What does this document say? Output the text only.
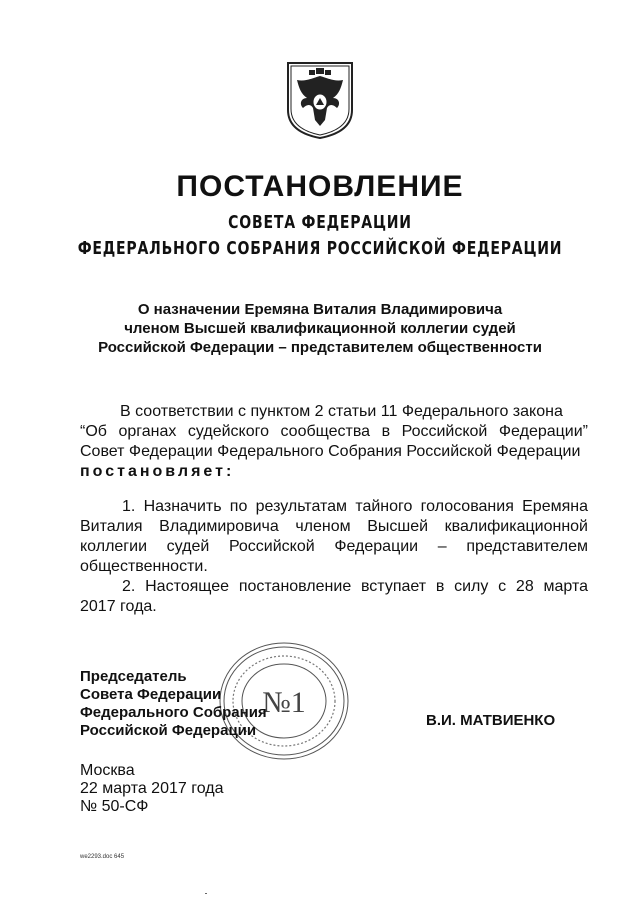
ПОСТАНОВЛЕНИЕ
СОВЕТА ФЕДЕРАЦИИ
ФЕДЕРАЛЬНОГО СОБРАНИЯ РОССИЙСКОЙ ФЕДЕРАЦИИ
О назначении Еремяна Виталия Владимировича
членом Высшей квалификационной коллегии судей
Российской Федерации – представителем общественности
В соответствии с пунктом 2 статьи 11 Федерального закона
“Об органах судейского сообщества в Российской Федерации”
Совет Федерации Федерального Собрания Российской Федерации
постановляет:
1. Назначить по результатам тайного голосования Еремяна
Виталия Владимировича членом Высшей квалификационной
коллегии судей Российской Федерации – представителем
общественности.
2. Настоящее постановление вступает в силу с 28 марта
2017 года.
№1
Председатель
Совета Федерации
Федерального Собрания
Российской Федерации
В.И. МАТВИЕНКО
Москва
22 марта 2017 года
№ 50-СФ
we2293.doc 645
